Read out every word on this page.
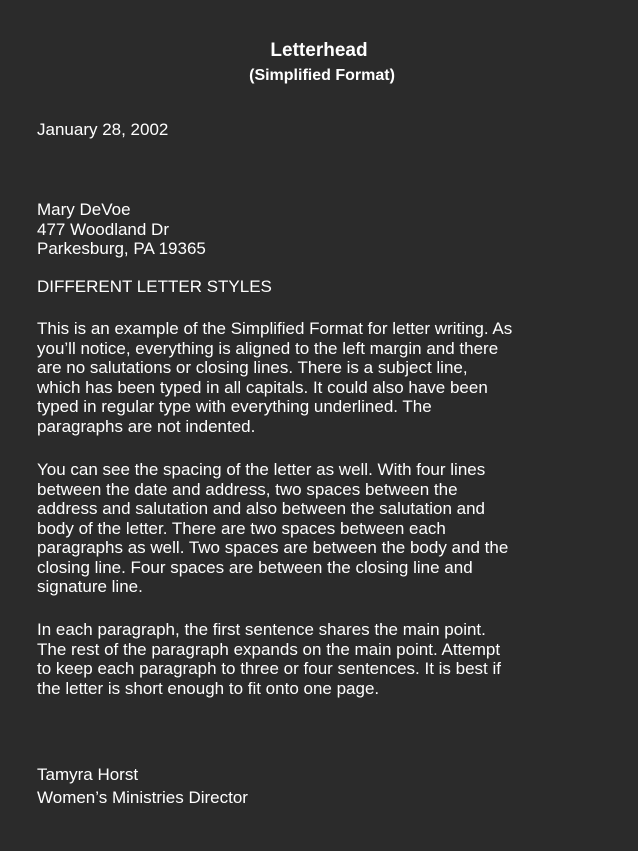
Letterhead
(Simplified Format)
January 28, 2002
Mary DeVoe
477 Woodland Dr
Parkesburg, PA 19365
DIFFERENT LETTER STYLES
This is an example of the Simplified Format for letter writing. As
you’ll notice, everything is aligned to the left margin and there
are no salutations or closing lines. There is a subject line,
which has been typed in all capitals. It could also have been
typed in regular type with everything underlined. The
paragraphs are not indented.
You can see the spacing of the letter as well. With four lines
between the date and address, two spaces between the
address and salutation and also between the salutation and
body of the letter. There are two spaces between each
paragraphs as well. Two spaces are between the body and the
closing line. Four spaces are between the closing line and
signature line.
In each paragraph, the first sentence shares the main point.
The rest of the paragraph expands on the main point. Attempt
to keep each paragraph to three or four sentences. It is best if
the letter is short enough to fit onto one page.
Tamyra Horst
Women’s Ministries Director
